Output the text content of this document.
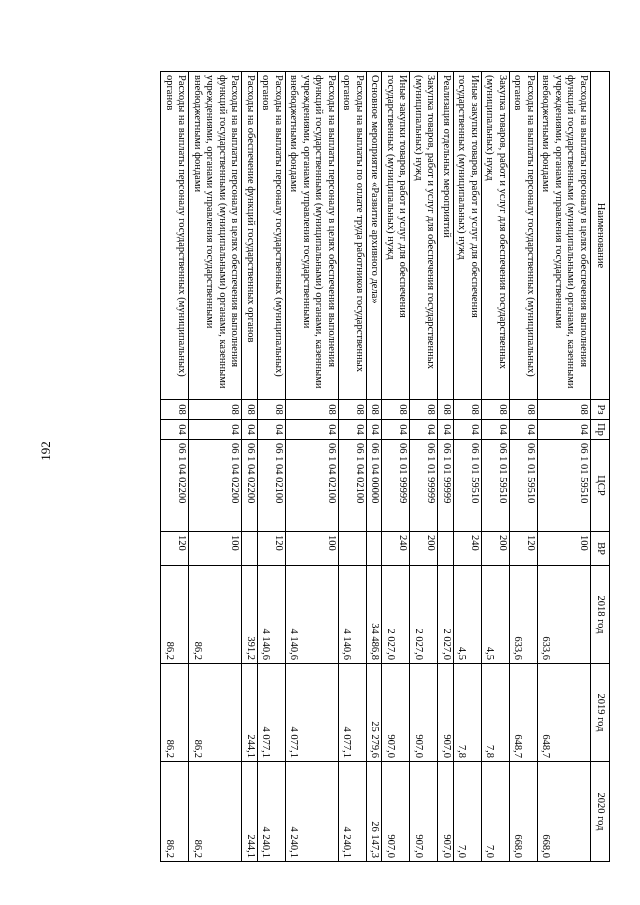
192
Наименование	Рз	Пр	ЦСР	ВР	2018 год	2019 год	2020 год
Расходы на выплаты персоналу в целях обеспечения выполнения функций государственными (муниципальными) органами, казенными учреждениями, органами управления государственными внебюджетными фондами	08	04	06 1 01 59510	100	633,6	648,7	668,0
Расходы на выплаты персоналу государственных (муниципальных) органов	08	04	06 1 01 59510	120	633,6	648,7	668,0
Закупка товаров, работ и услуг для обеспечения государственных (муниципальных) нужд	08	04	06 1 01 59510	200	4,5	7,8	7,0
Иные закупки товаров, работ и услуг для обеспечения государственных (муниципальных) нужд	08	04	06 1 01 59510	240	4,5	7,8	7,0
Реализация отдельных мероприятий	08	04	06 1 01 99999		2 027,0	907,0	907,0
Закупка товаров, работ и услуг для обеспечения государственных (муниципальных) нужд	08	04	06 1 01 99999	200	2 027,0	907,0	907,0
Иные закупки товаров, работ и услуг для обеспечения государственных (муниципальных) нужд	08	04	06 1 01 99999	240	2 027,0	907,0	907,0
Основное мероприятие «Развитие архивного дела»	08	04	06 1 04 00000		34 486,8	25 279,6	26 147,3
Расходы на выплаты по оплате труда работников государственных органов	08	04	06 1 04 02100		4 140,6	4 077,1	4 240,1
Расходы на выплаты персоналу в целях обеспечения выполнения функций государственными (муниципальными) органами, казенными учреждениями, органами управления государственными внебюджетными фондами	08	04	06 1 04 02100	100	4 140,6	4 077,1	4 240,1
Расходы на выплаты персоналу государственных (муниципальных) органов	08	04	06 1 04 02100	120	4 140,6	4 077,1	4 240,1
Расходы на обеспечение функций государственных органов	08	04	06 1 04 02200		391,2	244,1	244,1
Расходы на выплаты персоналу в целях обеспечения выполнения функций государственными (муниципальными) органами, казенными учреждениями, органами управления государственными внебюджетными фондами	08	04	06 1 04 02200	100	86,2	86,2	86,2
Расходы на выплаты персоналу государственных (муниципальных) органов	08	04	06 1 04 02200	120	86,2	86,2	86,2
